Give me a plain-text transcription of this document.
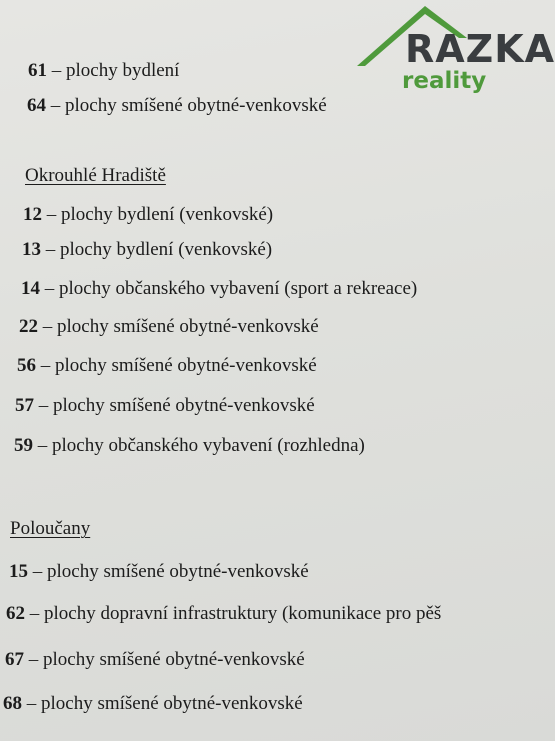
RAZKA
reality
61 – plochy bydlení
64 – plochy smíšené obytné-venkovské
Okrouhlé Hradiště
12 – plochy bydlení (venkovské)
13 – plochy bydlení (venkovské)
14 – plochy občanského vybavení (sport a rekreace)
22 – plochy smíšené obytné-venkovské
56 – plochy smíšené obytné-venkovské
57 – plochy smíšené obytné-venkovské
59 – plochy občanského vybavení (rozhledna)
Poloučany
15 – plochy smíšené obytné-venkovské
62 – plochy dopravní infrastruktury (komunikace pro pěš
67 – plochy smíšené obytné-venkovské
68 – plochy smíšené obytné-venkovské
